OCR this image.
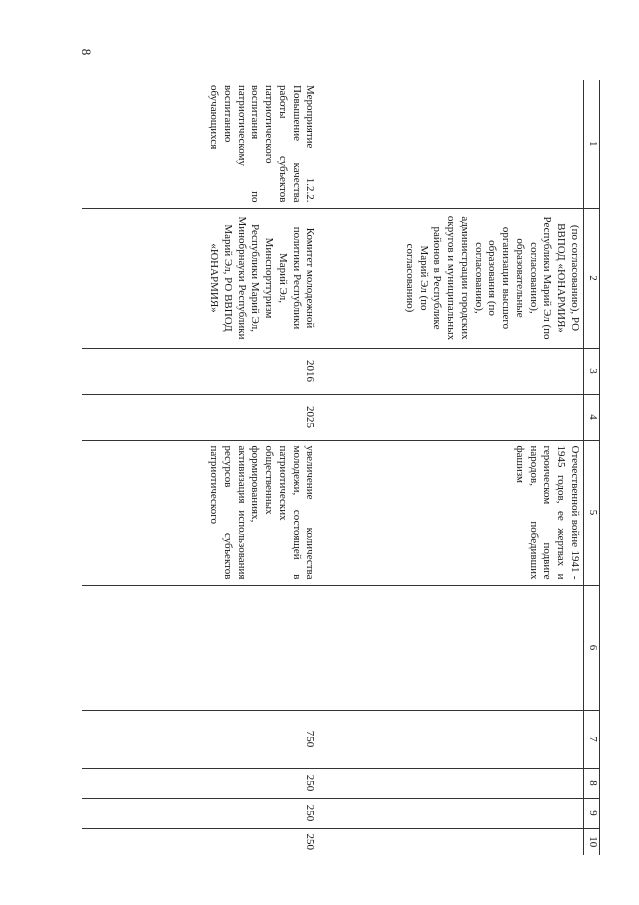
8
1	2	3	4	5	6	7	8	9	10
	(по согласованию), РО ВВПОД «ЮНАРМИЯ» Республики Марий Эл (по согласованию), образовательные организации высшего образования (по согласованию), администрации городских округов и муниципальных районов в Республике Марий Эл (по согласованию)			Отечественной войне 1941 - 1945 годов, ее жертвах и героическом подвиге народов, победивших фашизм					
Мероприятие 1.2.2. Повышение качества работы субъектов патриотического воспитания по патриотическому воспитанию обучающихся	Комитет молодежной политики Республики Марий Эл, Минспорттуризм Республики Марий Эл, Минобрнауки Республики Марий Эл, РО ВВПОД «ЮНАРМИЯ»	2016	2025	увеличение количества молодежи, состоящей в патриотических общественных формированиях, активизация использования ресурсов субъектов патриотического		750	250	250	250
